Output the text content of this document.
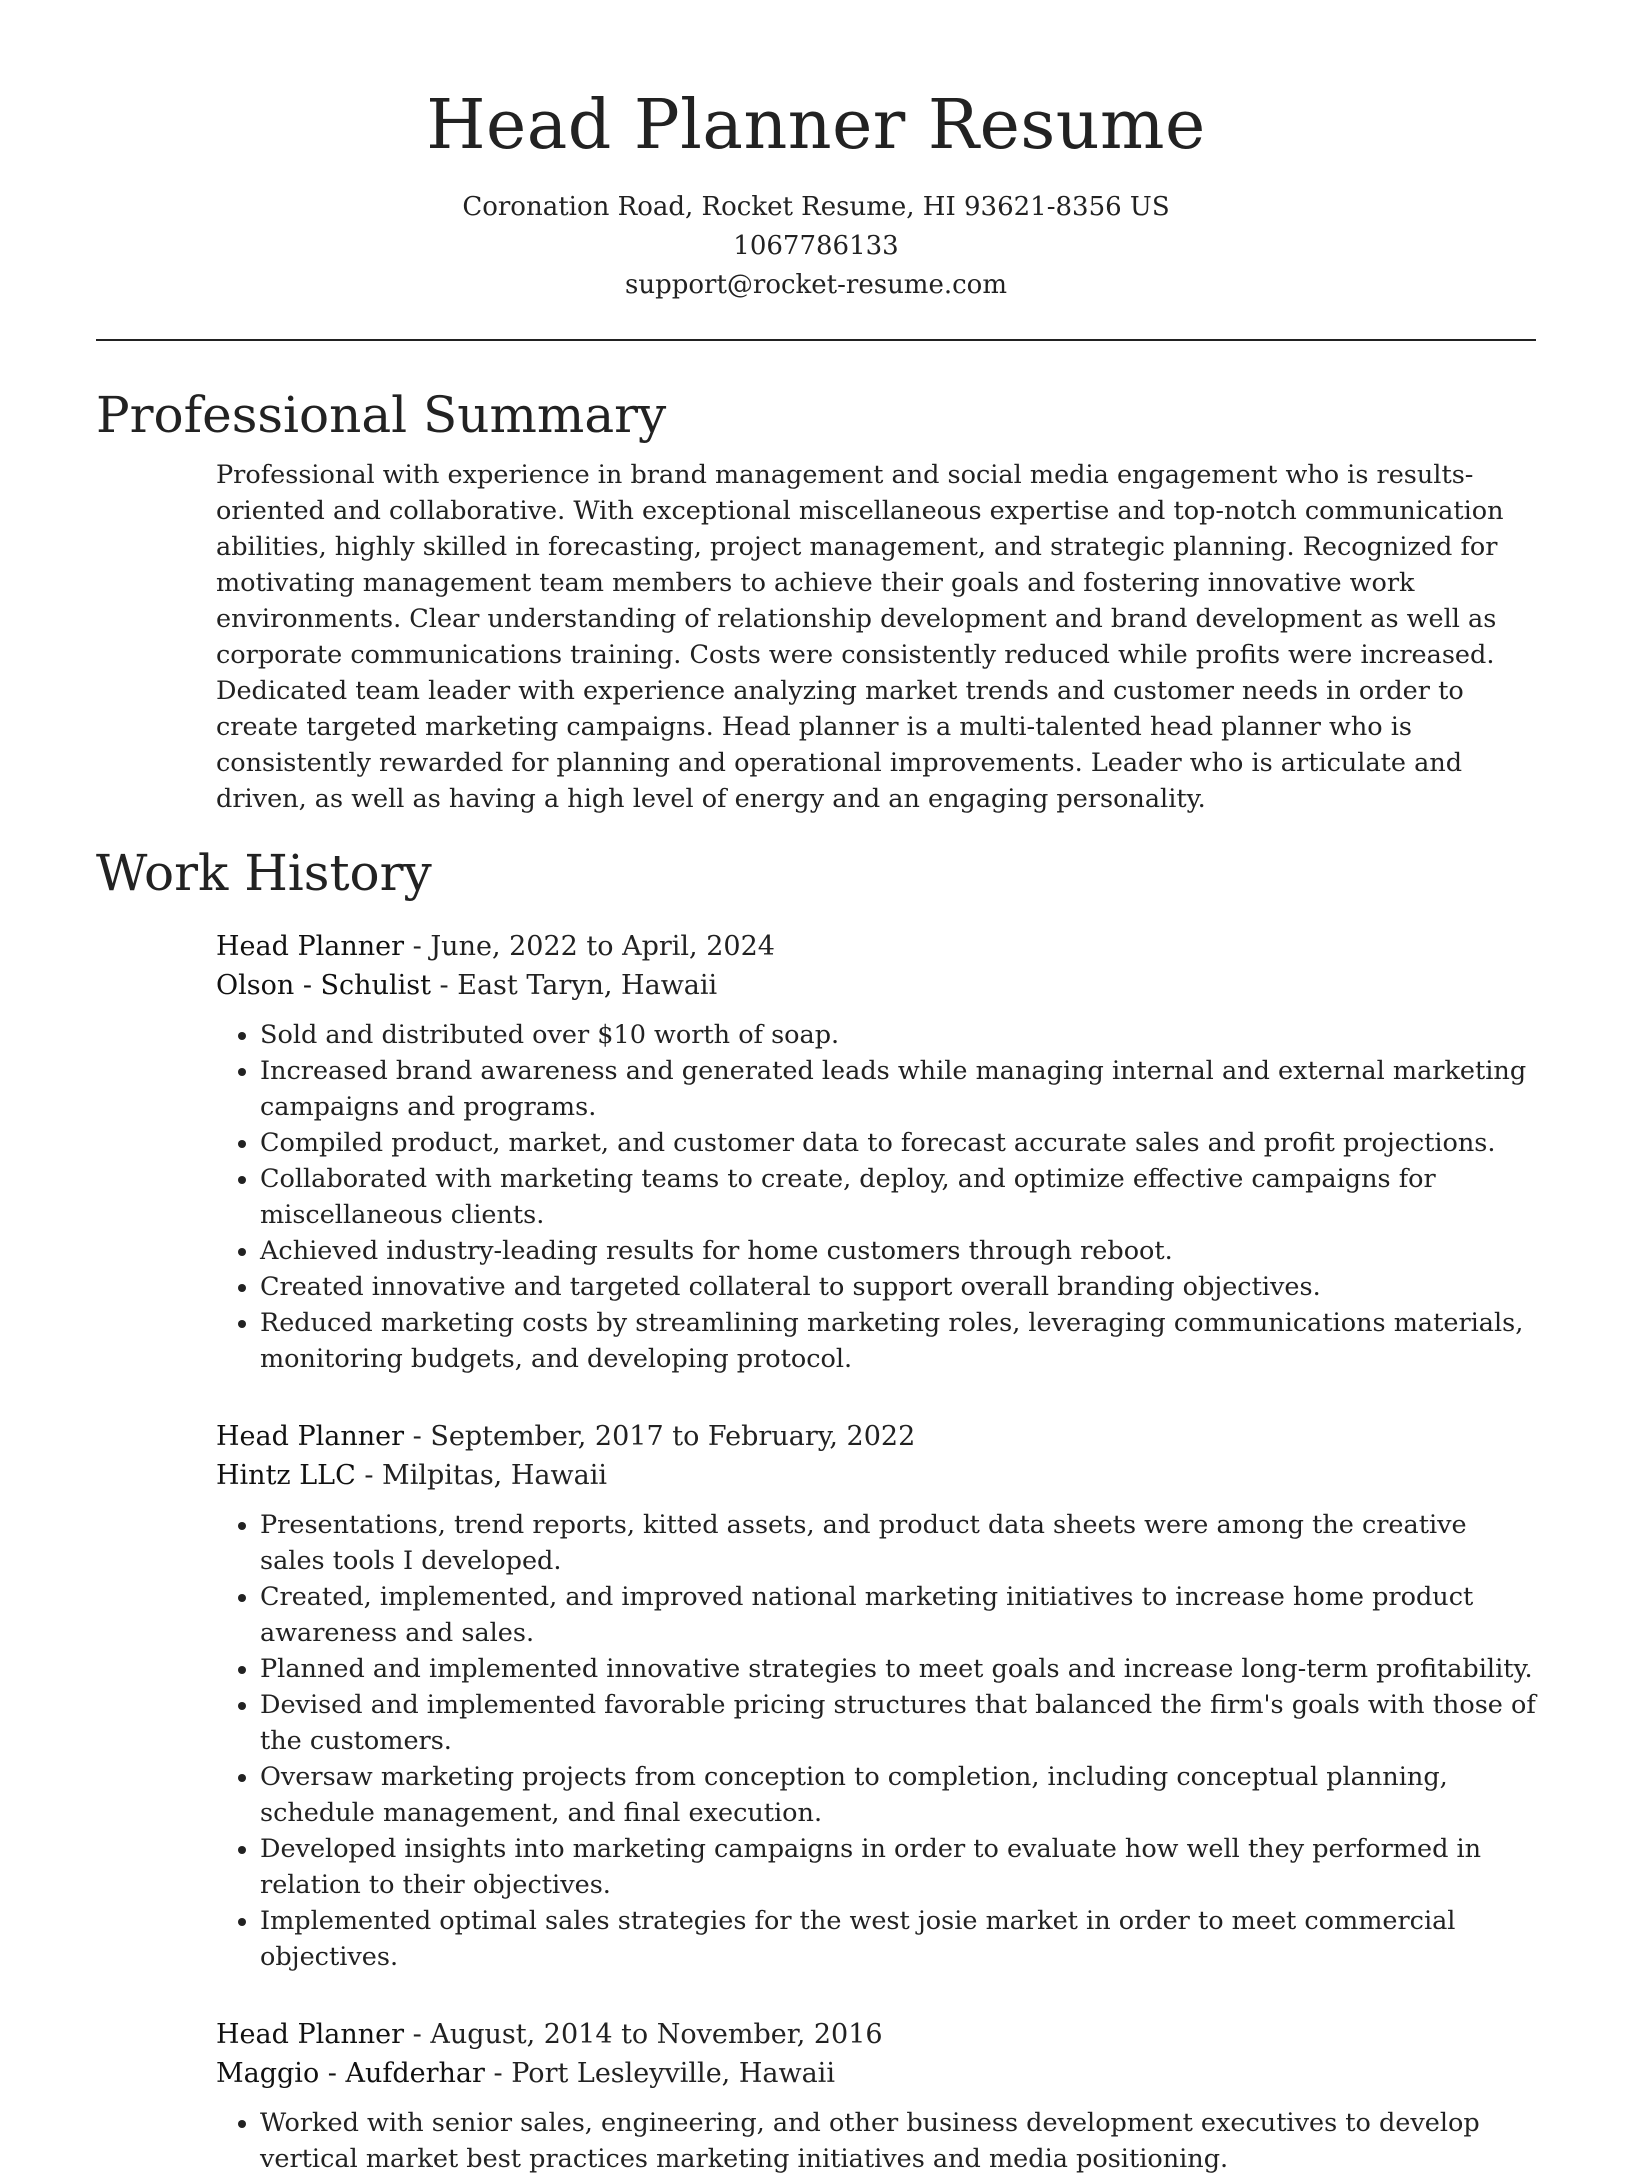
Head Planner Resume
Coronation Road, Rocket Resume, HI 93621-8356 US
1067786133
support@rocket-resume.com
Professional Summary

Professional with experience in brand management and social media engagement who is results-oriented and collaborative. With exceptional miscellaneous expertise and top-notch communication abilities, highly skilled in forecasting, project management, and strategic planning. Recognized for motivating management team members to achieve their goals and fostering innovative work environments. Clear understanding of relationship development and brand development as well as corporate communications training. Costs were consistently reduced while profits were increased. Dedicated team leader with experience analyzing market trends and customer needs in order to create targeted marketing campaigns. Head planner is a multi-talented head planner who is consistently rewarded for planning and operational improvements. Leader who is articulate and driven, as well as having a high level of energy and an engaging personality.

Work History
Head Planner - June, 2022 to April, 2024
Olson - Schulist - East Taryn, Hawaii
• Sold and distributed over $10 worth of soap.
• Increased brand awareness and generated leads while managing internal and external marketing campaigns and programs.
• Compiled product, market, and customer data to forecast accurate sales and profit projections.
• Collaborated with marketing teams to create, deploy, and optimize effective campaigns for miscellaneous clients.
• Achieved industry-leading results for home customers through reboot.
• Created innovative and targeted collateral to support overall branding objectives.
• Reduced marketing costs by streamlining marketing roles, leveraging communications materials, monitoring budgets, and developing protocol.
Head Planner - September, 2017 to February, 2022
Hintz LLC - Milpitas, Hawaii
• Presentations, trend reports, kitted assets, and product data sheets were among the creative sales tools I developed.
• Created, implemented, and improved national marketing initiatives to increase home product awareness and sales.
• Planned and implemented innovative strategies to meet goals and increase long-term profitability.
• Devised and implemented favorable pricing structures that balanced the firm's goals with those of the customers.
• Oversaw marketing projects from conception to completion, including conceptual planning, schedule management, and final execution.
• Developed insights into marketing campaigns in order to evaluate how well they performed in relation to their objectives.
• Implemented optimal sales strategies for the west josie market in order to meet commercial objectives.
Head Planner - August, 2014 to November, 2016
Maggio - Aufderhar - Port Lesleyville, Hawaii
• Worked with senior sales, engineering, and other business development executives to develop vertical market best practices marketing initiatives and media positioning.
